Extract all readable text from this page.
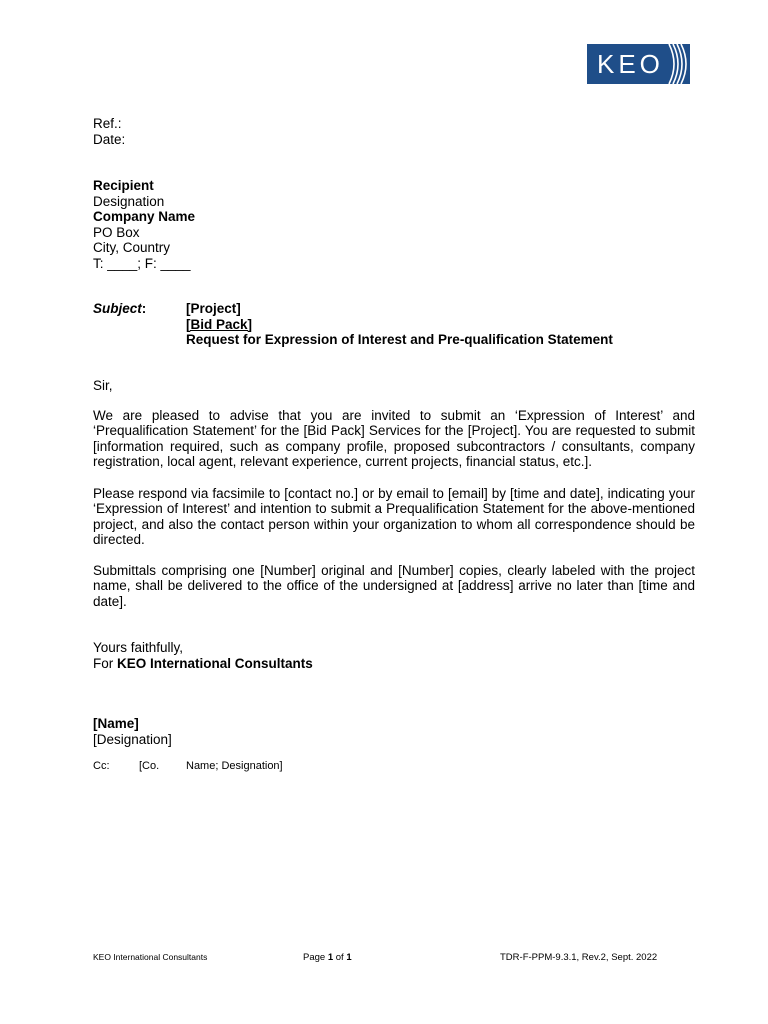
KEO
Ref.:
Date:
Recipient
Designation
Company Name
PO Box
City, Country
T: ____; F: ____
Subject:	[Project]
[Bid Pack]
Request for Expression of Interest and Pre-qualification Statement
Sir,
We are pleased to advise that you are invited to submit an ‘Expression of Interest’ and ‘Prequalification Statement’ for the [Bid Pack] Services for the [Project]. You are requested to submit [information required, such as company profile, proposed subcontractors / consultants, company registration, local agent, relevant experience, current projects, financial status, etc.].
Please respond via facsimile to [contact no.] or by email to [email] by [time and date], indicating your ‘Expression of Interest’ and intention to submit a Prequalification Statement for the above-mentioned project, and also the contact person within your organization to whom all correspondence should be directed.
Submittals comprising one [Number] original and [Number] copies, clearly labeled with the project name, shall be delivered to the office of the undersigned at [address] arrive no later than [time and date].
Yours faithfully,
For KEO International Consultants
[Name]
[Designation]
Cc:	[Co. Name; Designation]
KEO International Consultants	Page 1 of 1	TDR-F-PPM-9.3.1, Rev.2, Sept. 2022
